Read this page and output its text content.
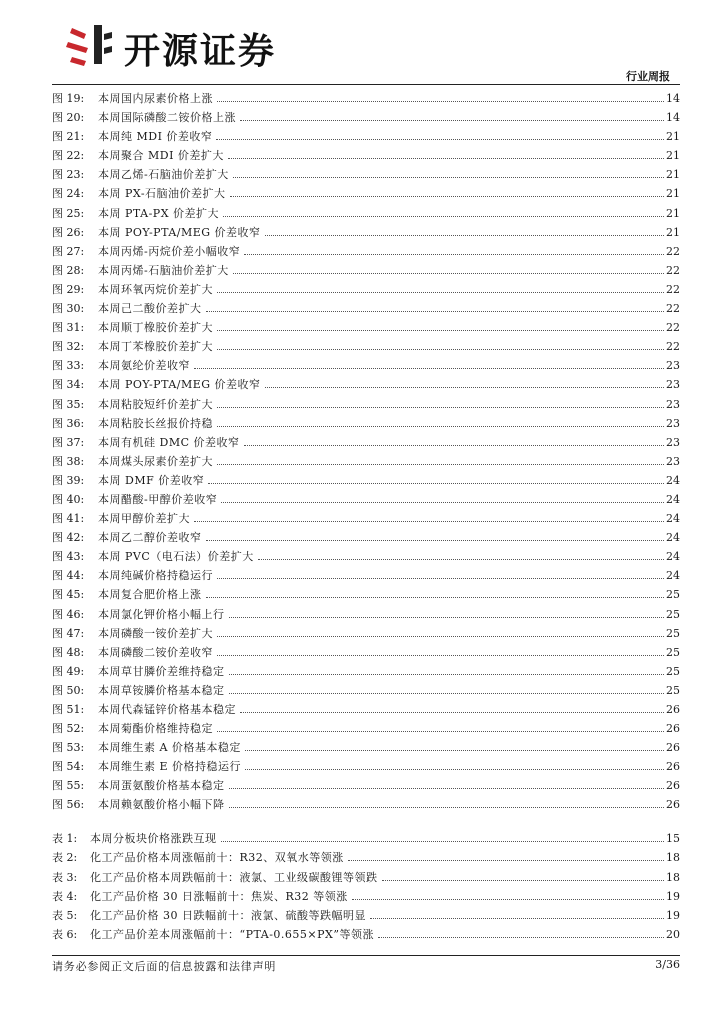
开源证券
行业周报
图 19:	本周国内尿素价格上涨	14
图 20:	本周国际磷酸二铵价格上涨	14
图 21:	本周纯 MDI 价差收窄	21
图 22:	本周聚合 MDI 价差扩大	21
图 23:	本周乙烯-石脑油价差扩大	21
图 24:	本周 PX-石脑油价差扩大	21
图 25:	本周 PTA-PX 价差扩大	21
图 26:	本周 POY-PTA/MEG 价差收窄	21
图 27:	本周丙烯-丙烷价差小幅收窄	22
图 28:	本周丙烯-石脑油价差扩大	22
图 29:	本周环氧丙烷价差扩大	22
图 30:	本周己二酸价差扩大	22
图 31:	本周顺丁橡胶价差扩大	22
图 32:	本周丁苯橡胶价差扩大	22
图 33:	本周氨纶价差收窄	23
图 34:	本周 POY-PTA/MEG 价差收窄	23
图 35:	本周粘胶短纤价差扩大	23
图 36:	本周粘胶长丝报价持稳	23
图 37:	本周有机硅 DMC 价差收窄	23
图 38:	本周煤头尿素价差扩大	23
图 39:	本周 DMF 价差收窄	24
图 40:	本周醋酸-甲醇价差收窄	24
图 41:	本周甲醇价差扩大	24
图 42:	本周乙二醇价差收窄	24
图 43:	本周 PVC（电石法）价差扩大	24
图 44:	本周纯碱价格持稳运行	24
图 45:	本周复合肥价格上涨	25
图 46:	本周氯化钾价格小幅上行	25
图 47:	本周磷酸一铵价差扩大	25
图 48:	本周磷酸二铵价差收窄	25
图 49:	本周草甘膦价差维持稳定	25
图 50:	本周草铵膦价格基本稳定	25
图 51:	本周代森锰锌价格基本稳定	26
图 52:	本周菊酯价格维持稳定	26
图 53:	本周维生素 A 价格基本稳定	26
图 54:	本周维生素 E 价格持稳运行	26
图 55:	本周蛋氨酸价格基本稳定	26
图 56:	本周赖氨酸价格小幅下降	26
表 1:	本周分板块价格涨跌互现	15
表 2:	化工产品价格本周涨幅前十：R32、双氧水等领涨	18
表 3:	化工产品价格本周跌幅前十：液氯、工业级碳酸锂等领跌	18
表 4:	化工产品价格 30 日涨幅前十：焦炭、R32 等领涨	19
表 5:	化工产品价格 30 日跌幅前十：液氯、硫酸等跌幅明显	19
表 6:	化工产品价差本周涨幅前十：“PTA-0.655×PX”等领涨	20
请务必参阅正文后面的信息披露和法律声明	3/36
